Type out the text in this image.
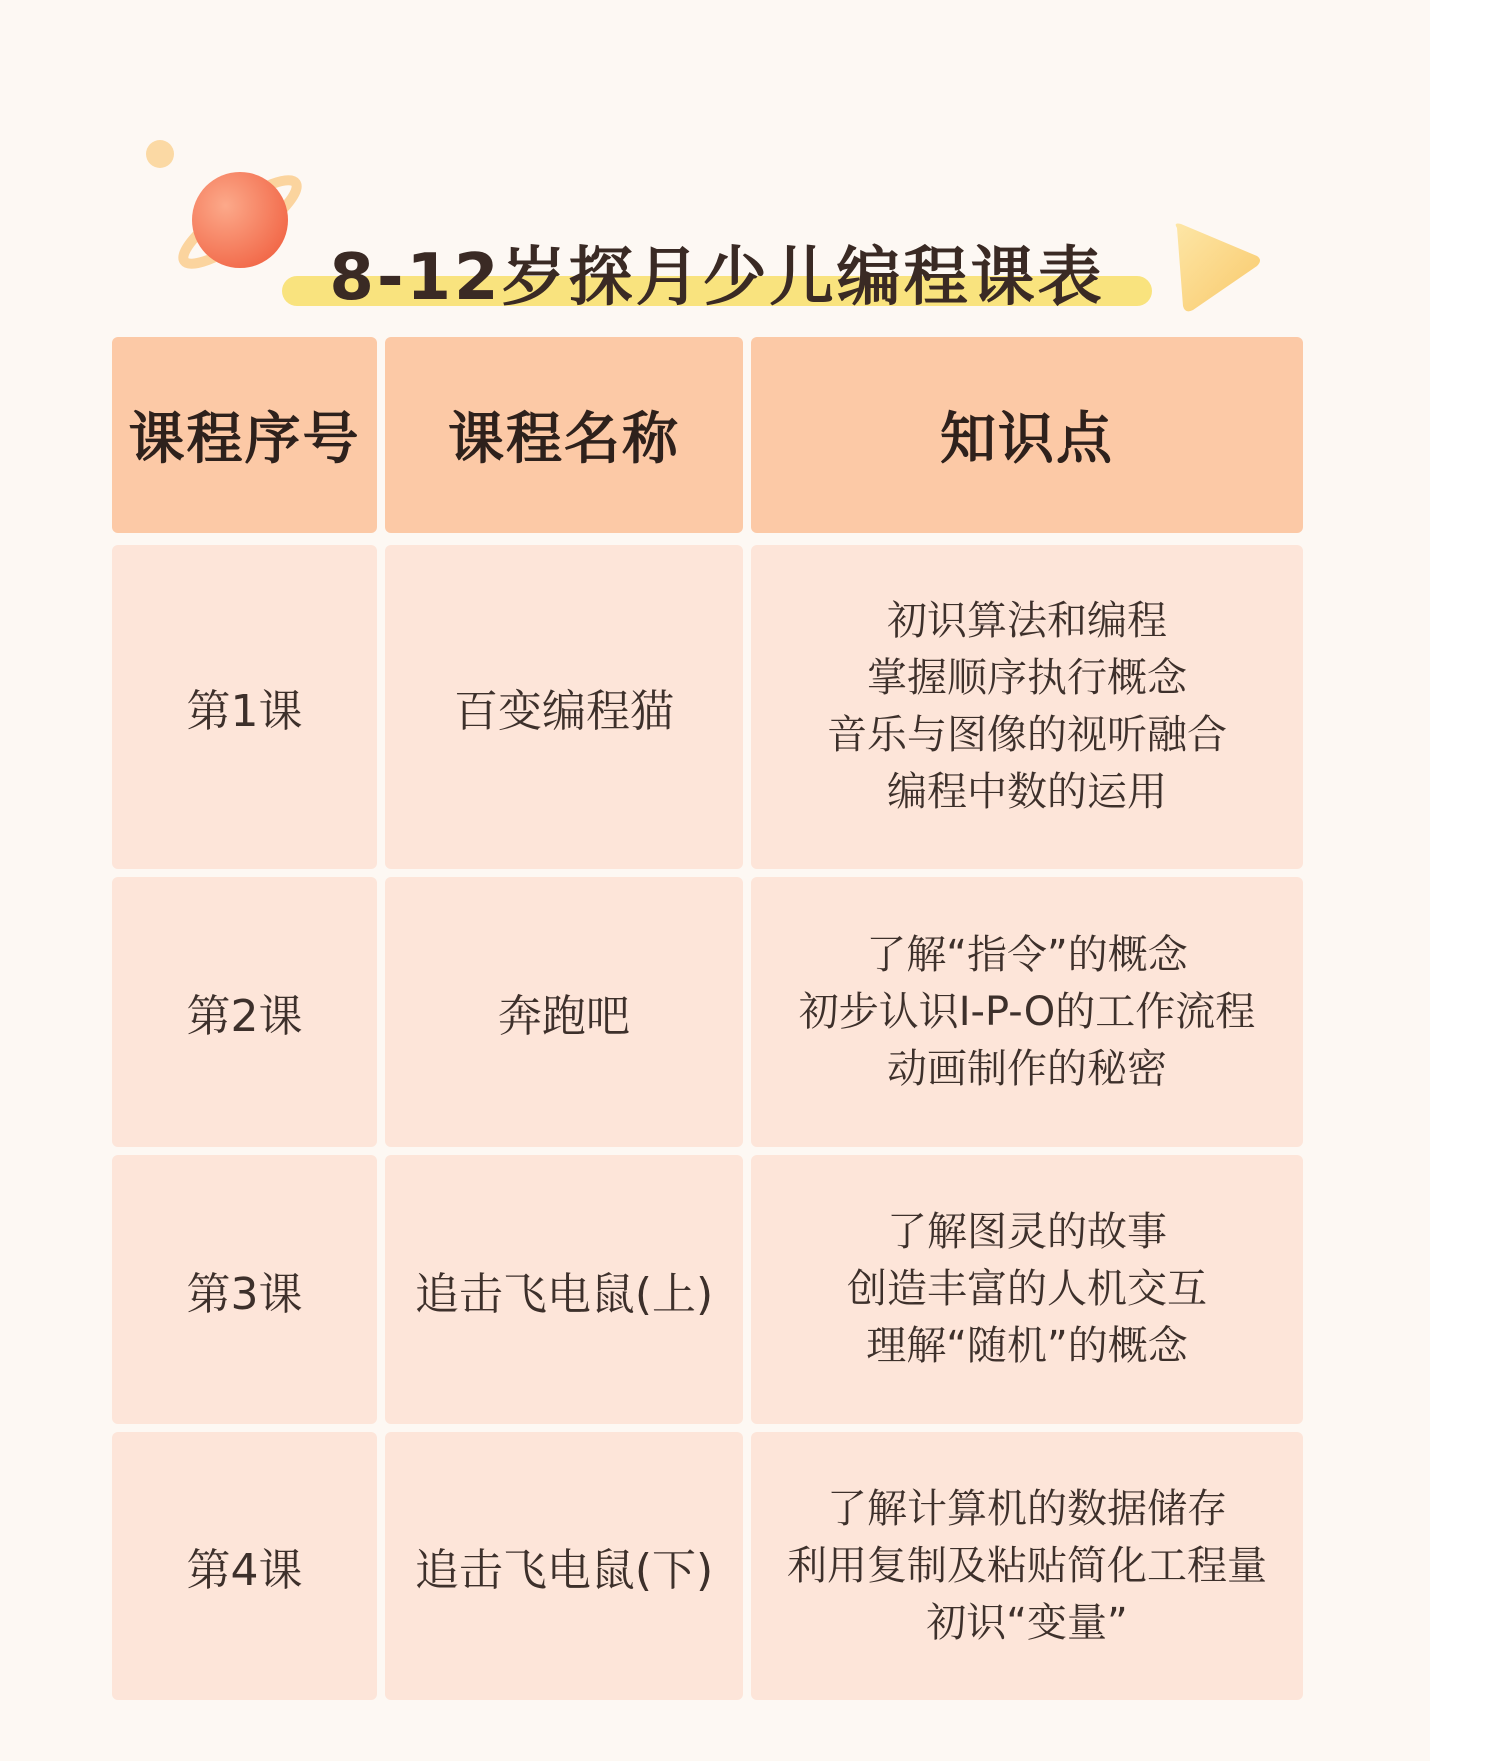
8-12岁探月少儿编程课表
课程序号	课程名称	知识点
第1课	百变编程猫
初识算法和编程
掌握顺序执行概念
音乐与图像的视听融合
编程中数的运用
第2课	奔跑吧
了解“指令”的概念
初步认识I-P-O的工作流程
动画制作的秘密
第3课	追击飞电鼠(上)
了解图灵的故事
创造丰富的人机交互
理解“随机”的概念
第4课	追击飞电鼠(下)
了解计算机的数据储存
利用复制及粘贴简化工程量
初识“变量”
